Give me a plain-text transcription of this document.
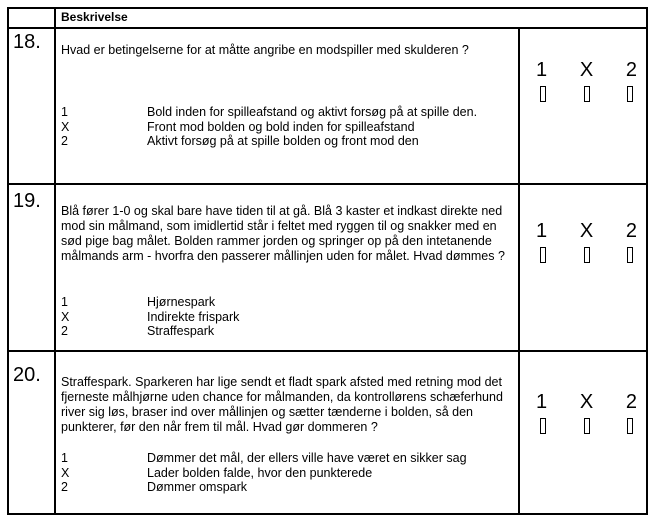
Beskrivelse
18. Hvad er betingelserne for at måtte angribe en modspiller med skulderen ?
1	Bold inden for spilleafstand og aktivt forsøg på at spille den.
X	Front mod bolden og bold inden for spilleafstand
2	Aktivt forsøg på at spille bolden og front mod den
1 X 2
19. Blå fører 1-0 og skal bare have tiden til at gå. Blå 3 kaster et indkast direkte ned mod sin målmand, som imidlertid står i feltet med ryggen til og snakker med en sød pige bag målet. Bolden rammer jorden og springer op på den intetanende målmands arm - hvorfra den passerer mållinjen uden for målet. Hvad dømmes ?
1	Hjørnespark
X	Indirekte frispark
2	Straffespark
1 X 2
20. Straffespark. Sparkeren har lige sendt et fladt spark afsted med retning mod det fjerneste målhjørne uden chance for målmanden, da kontrollørens schæferhund river sig løs, braser ind over mållinjen og sætter tænderne i bolden, så den punkterer, før den når frem til mål. Hvad gør dommeren ?
1	Dømmer det mål, der ellers ville have været en sikker sag
X	Lader bolden falde, hvor den punkterede
2	Dømmer omspark
1 X 2
